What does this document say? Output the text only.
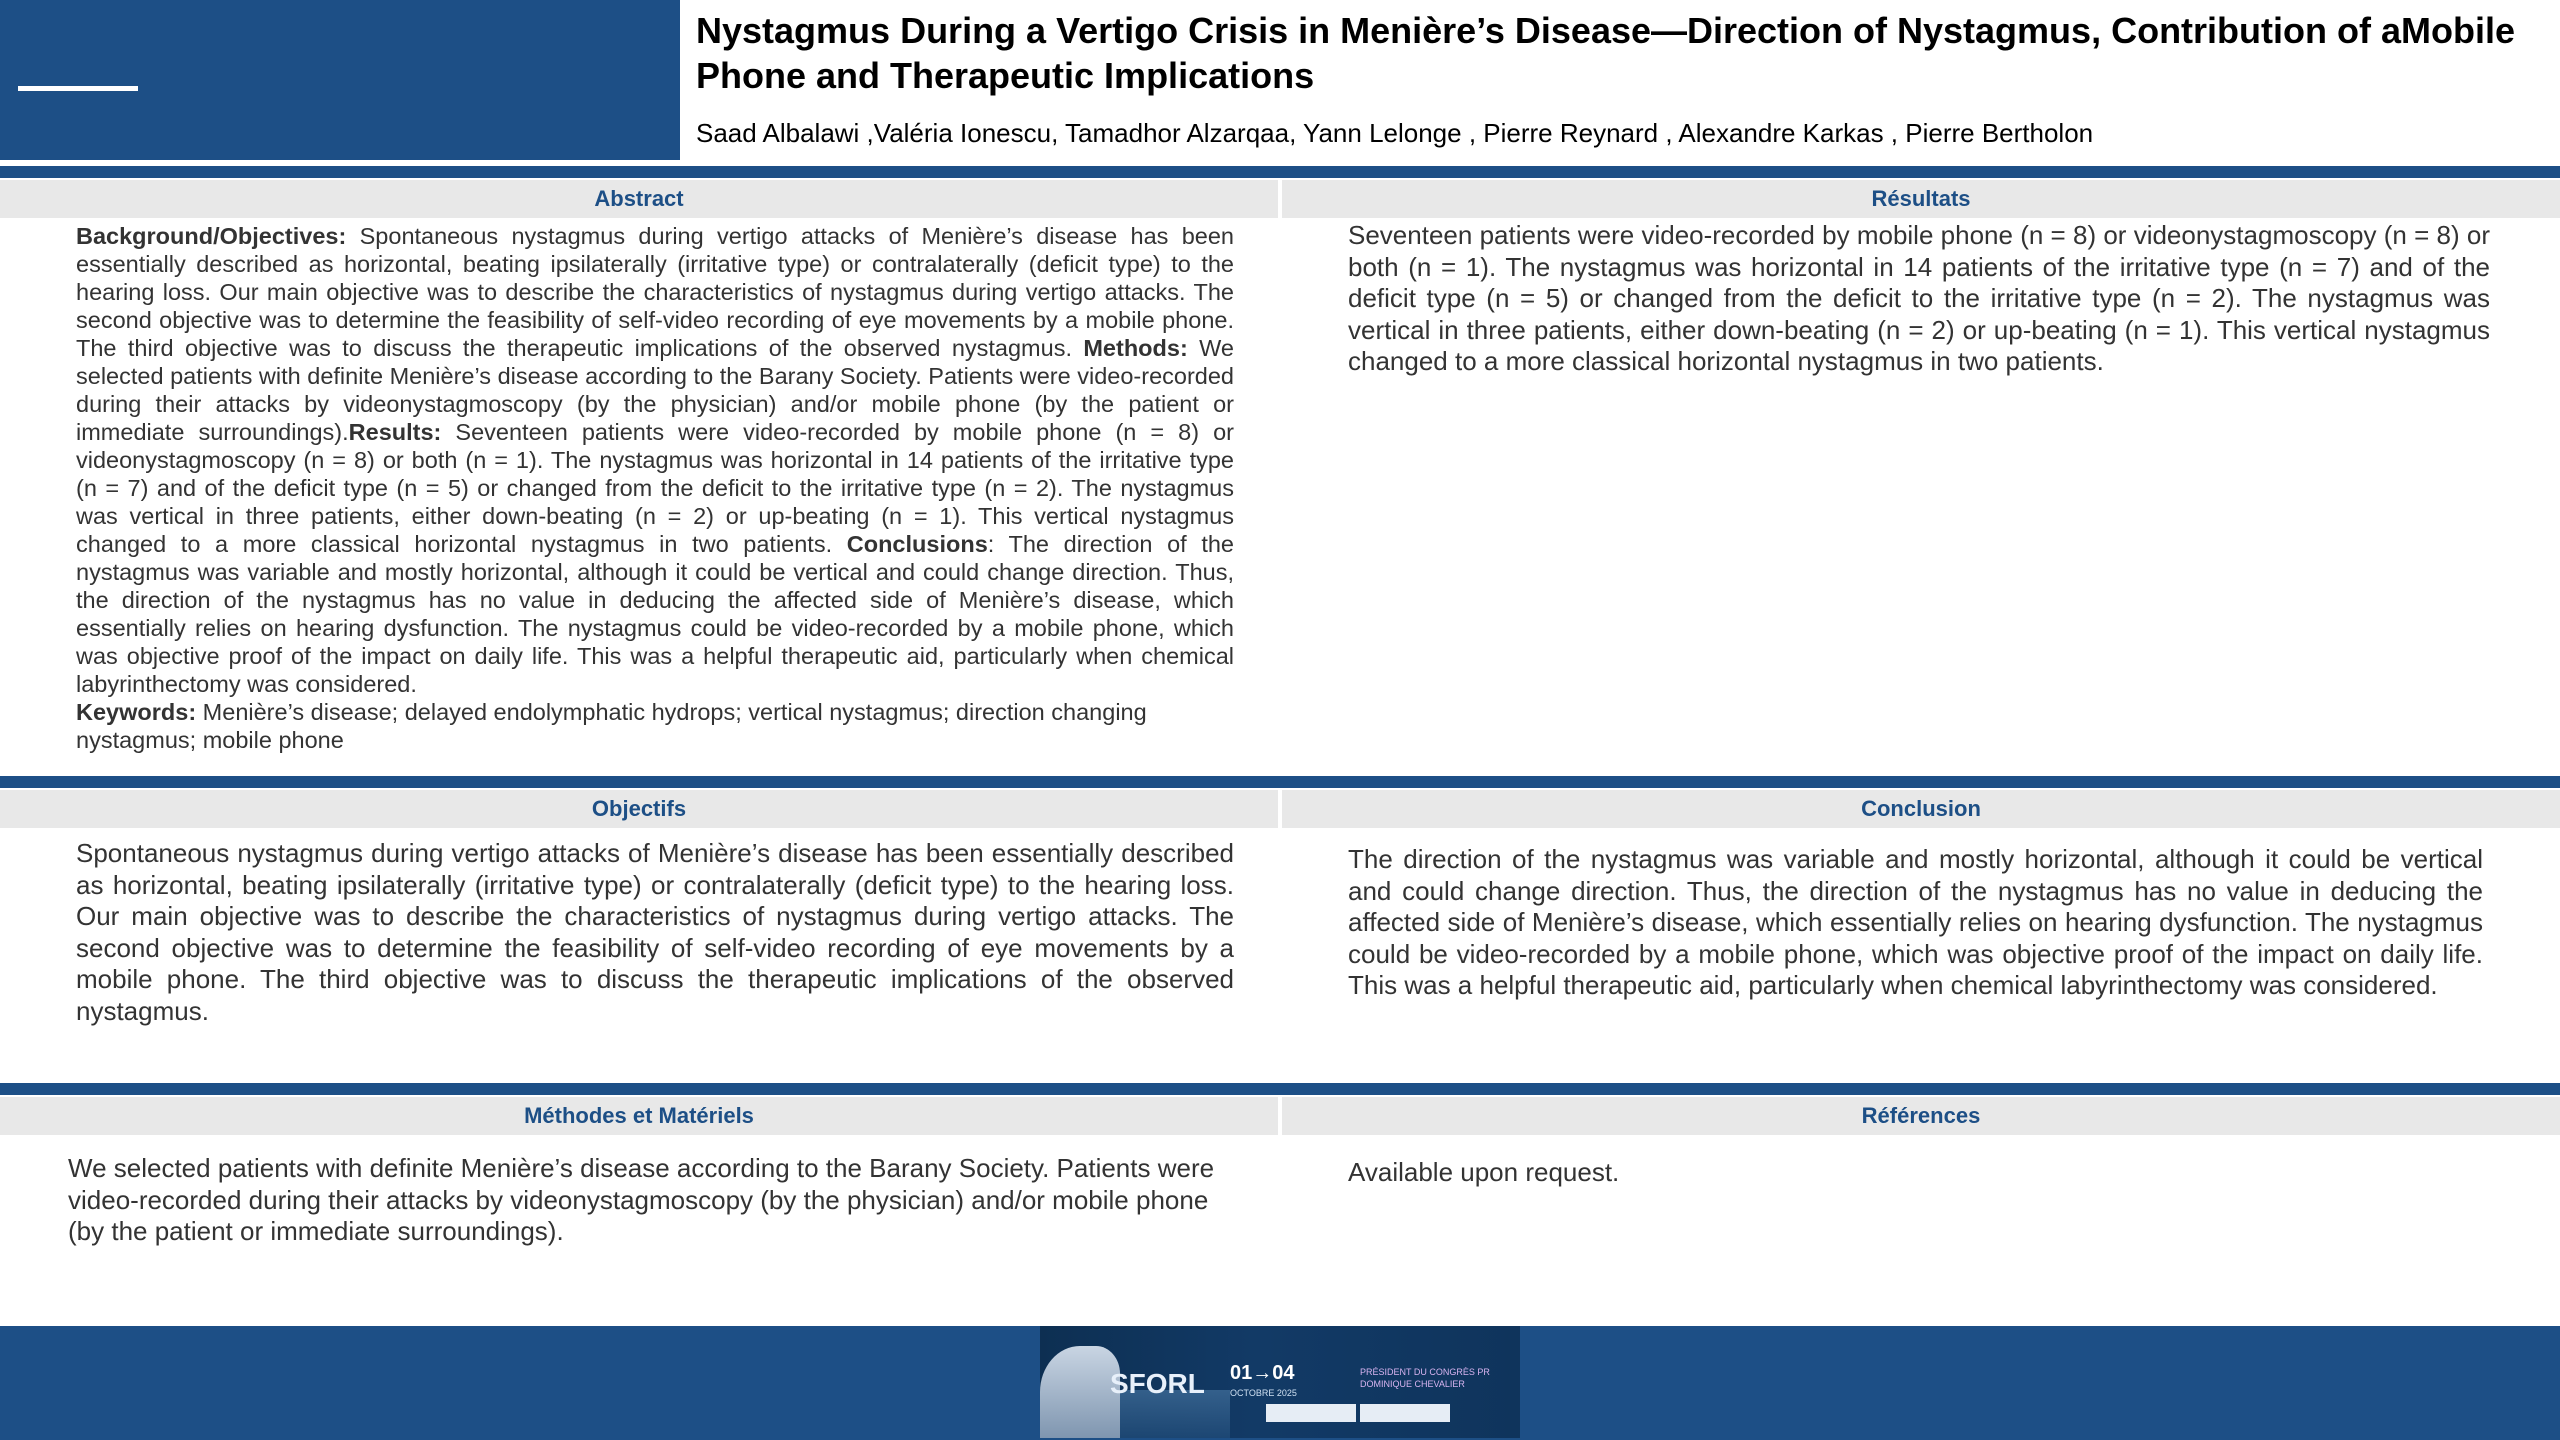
Nystagmus During a Vertigo Crisis in Menière’s Disease—Direction of Nystagmus, Contribution of aMobile Phone and Therapeutic Implications
Saad Albalawi ,Valéria Ionescu, Tamadhor Alzarqaa, Yann Lelonge , Pierre Reynard , Alexandre Karkas , Pierre Bertholon
Abstract	Résultats
Background/Objectives: Spontaneous nystagmus during vertigo attacks of Menière’s disease has been essentially described as horizontal, beating ipsilaterally (irritative type) or contralaterally (deficit type) to the hearing loss. Our main objective was to describe the characteristics of nystagmus during vertigo attacks. The second objective was to determine the feasibility of self-video recording of eye movements by a mobile phone. The third objective was to discuss the therapeutic implications of the observed nystagmus. Methods: We selected patients with definite Menière’s disease according to the Barany Society. Patients were video-recorded during their attacks by videonystagmoscopy (by the physician) and/or mobile phone (by the patient or immediate surroundings).Results: Seventeen patients were video-recorded by mobile phone (n = 8) or videonystagmoscopy (n = 8) or both (n = 1). The nystagmus was horizontal in 14 patients of the irritative type (n = 7) and of the deficit type (n = 5) or changed from the deficit to the irritative type (n = 2). The nystagmus was vertical in three patients, either down-beating (n = 2) or up-beating (n = 1). This vertical nystagmus changed to a more classical horizontal nystagmus in two patients. Conclusions: The direction of the nystagmus was variable and mostly horizontal, although it could be vertical and could change direction. Thus, the direction of the nystagmus has no value in deducing the affected side of Menière’s disease, which essentially relies on hearing dysfunction. The nystagmus could be video-recorded by a mobile phone, which was objective proof of the impact on daily life. This was a helpful therapeutic aid, particularly when chemical labyrinthectomy was considered.
Keywords: Menière’s disease; delayed endolymphatic hydrops; vertical nystagmus; direction changing nystagmus; mobile phone
Seventeen patients were video-recorded by mobile phone (n = 8) or videonystagmoscopy (n = 8) or both (n = 1). The nystagmus was horizontal in 14 patients of the irritative type (n = 7) and of the deficit type (n = 5) or changed from the deficit to the irritative type (n = 2). The nystagmus was vertical in three patients, either down-beating (n = 2) or up-beating (n = 1). This vertical nystagmus changed to a more classical horizontal nystagmus in two patients.
Objectifs	Conclusion
Spontaneous nystagmus during vertigo attacks of Menière’s disease has been essentially described as horizontal, beating ipsilaterally (irritative type) or contralaterally (deficit type) to the hearing loss. Our main objective was to describe the characteristics of nystagmus during vertigo attacks. The second objective was to determine the feasibility of self-video recording of eye movements by a mobile phone. The third objective was to discuss the therapeutic implications of the observed nystagmus.
The direction of the nystagmus was variable and mostly horizontal, although it could be vertical and could change direction. Thus, the direction of the nystagmus has no value in deducing the affected side of Menière’s disease, which essentially relies on hearing dysfunction. The nystagmus could be video-recorded by a mobile phone, which was objective proof of the impact on daily life. This was a helpful therapeutic aid, particularly when chemical labyrinthectomy was considered.
Méthodes et Matériels	Références
We selected patients with definite Menière’s disease according to the Barany Society. Patients were video-recorded during their attacks by videonystagmoscopy (by the physician) and/or mobile phone (by the patient or immediate surroundings).
Available upon request.
SFORL 01→04
OCTOBRE 2025
PRÉSIDENT DU CONGRÈS PR DOMINIQUE CHEVALIER
